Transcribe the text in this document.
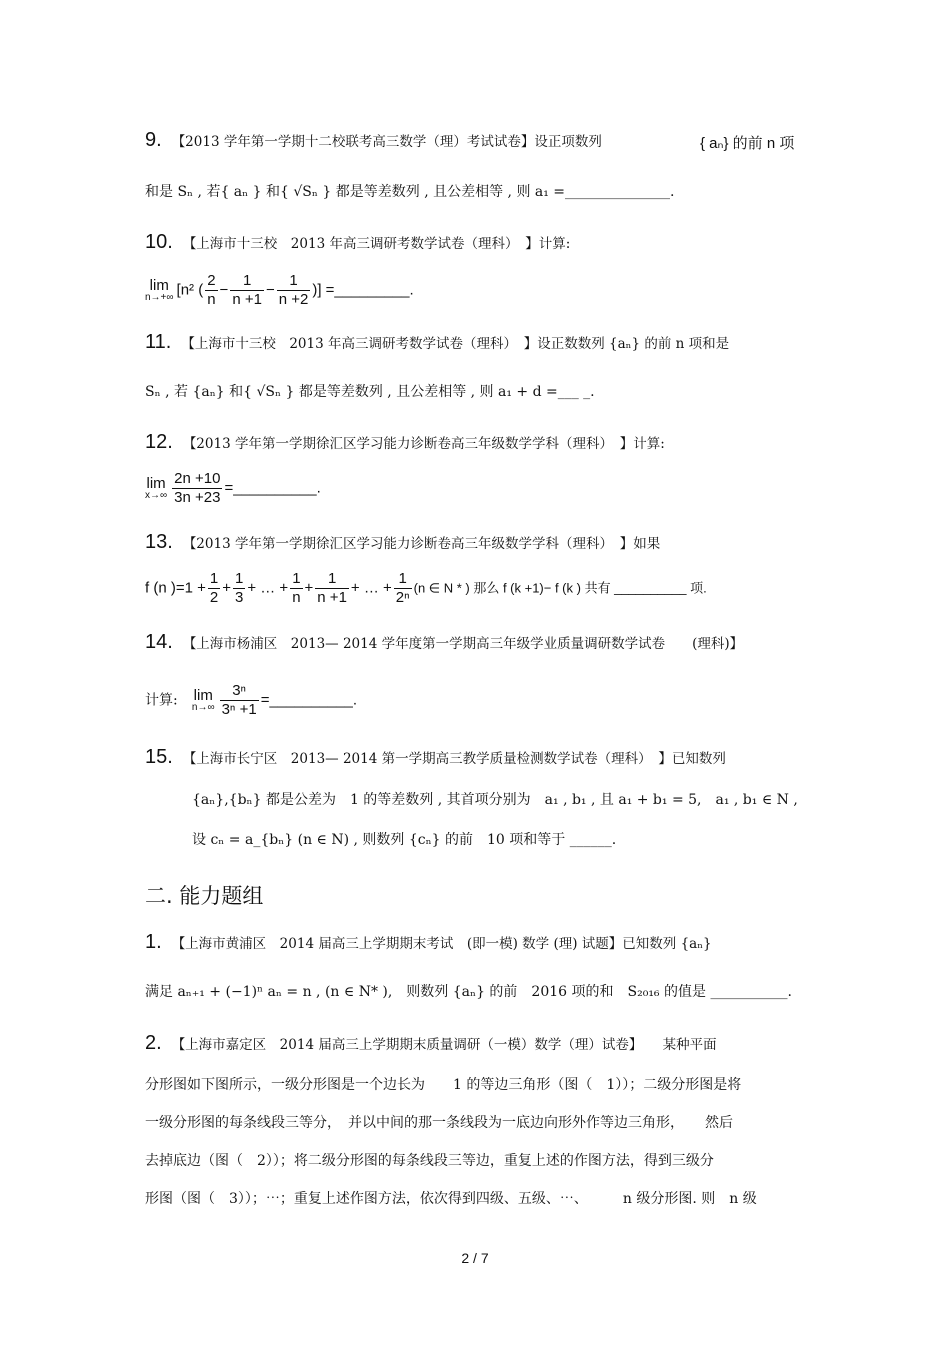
9. 【2013 学年第一学期十二校联考高三数学（理）考试试卷】设正项数列	{ aₙ} 的前 n 项
和是 Sₙ , 若{ aₙ } 和{ √Sₙ } 都是等差数列 , 且公差相等 , 则 a₁ =_______________.
10. 【上海市十三校　2013 年高三调研考数学试卷（理科）　】计算:
lim
n→+∞ [n² ( $\frac{2}{n} - \frac{1}{n +1} - \frac{1}{n +2}$ )] =_________.
11. 【上海市十三校　2013 年高三调研考数学试卷（理科）　】设正数数列 {aₙ} 的前 n 项和是
Sₙ , 若 {aₙ} 和{ √Sₙ } 都是等差数列 , 且公差相等 , 则 a₁ + d =___ _.
12. 【2013 学年第一学期徐汇区学习能力诊断卷高三年级数学学科（理科）　】计算:
lim
$x\to\infty \frac{2n +10}{3n +23}$ =__________.
13. 【2013 学年第一学期徐汇区学习能力诊断卷高三年级数学学科（理科）　】如果
f (n )$=1 + \frac{1}{2} + \frac{1}{3}$ + … + $\frac{1}{n} + \frac{1}{n +1}$ + … + $\frac{1}{\text{2ⁿ}} (n$ ∈ N * ) 那么 f (k +1)− f (k ) 共有 __________ 项.
14. 【上海市杨浦区　2013— 2014 学年度第一学期高三年级学业质量调研数学试卷　　(理科)】
计算: lim
$n\to\infty \frac{\text{3ⁿ}}{\text{3ⁿ +1}}$ =__________.
15. 【上海市长宁区　2013— 2014 第一学期高三教学质量检测数学试卷（理科）　】已知数列
{aₙ},{bₙ} 都是公差为　1 的等差数列 , 其首项分别为　a₁ , b₁ , 且 a₁ + b₁ = 5,　a₁ , b₁ ∈ N ,
设 cₙ = a_{bₙ} (n ∈ N) , 则数列 {cₙ} 的前　10 项和等于 ______.
二. 能力题组
1. 【上海市黄浦区　2014 届高三上学期期末考试　(即一模) 数学 (理) 试题】已知数列 {aₙ}
满足 aₙ₊₁ + (−1)ⁿ aₙ = n , (n ∈ N* ),　则数列 {aₙ} 的前　2016 项的和　S₂₀₁₆ 的值是 ___________.
2. 【上海市嘉定区　2014 届高三上学期期末质量调研（一模）数学（理）试卷】　　某种平面
分形图如下图所示，一级分形图是一个边长为　　1 的等边三角形（图（　1））；二级分形图是将
一级分形图的每条线段三等分，　并以中间的那一条线段为一底边向形外作等边三角形，　　然后
去掉底边（图（　2））；将二级分形图的每条线段三等边，重复上述的作图方法，得到三级分
形图（图（　3））；⋯；重复上述作图方法，依次得到四级、五级、⋯、　　　n 级分形图. 则　n 级
2 / 7
